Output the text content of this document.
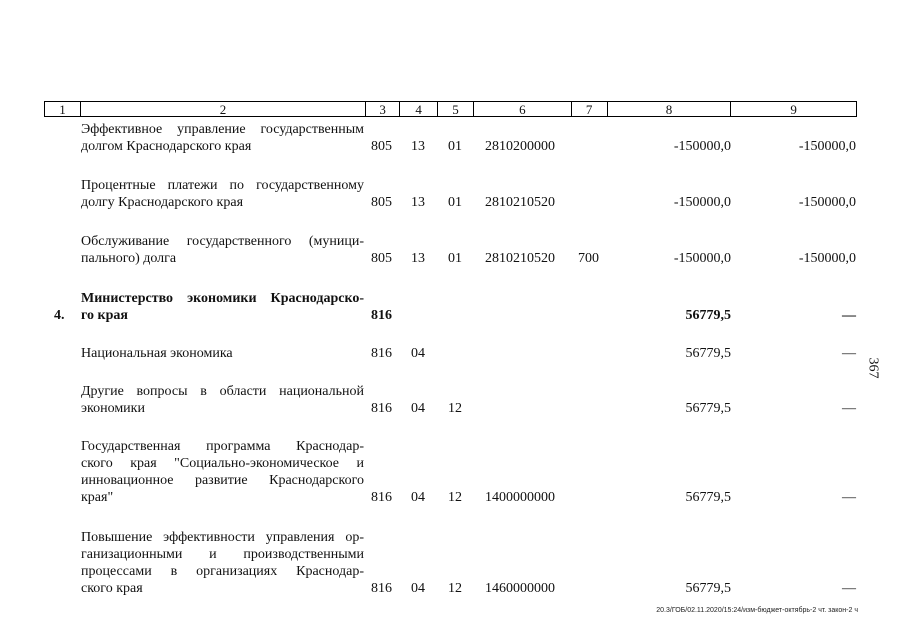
1	2	3	4	5	6	7	8	9
Эффективное управление государственным
долгом Краснодарского края	805 13 01 2810200000	-150000,0	-150000,0
Процентные платежи по государственному
долгу Краснодарского края	805 13 01 2810210520	-150000,0	-150000,0
Обслуживание государственного (муници-
пального) долга	805 13 01 2810210520 700	-150000,0	-150000,0
4.
Министерство экономики Краснодарско-
го края	816	56779,5	—
Национальная экономика	816 04	56779,5	—
Другие вопросы в области национальной
экономики	816 04 12	56779,5	—
Государственная программа Краснодар-
ского края "Социально-экономическое и
инновационное развитие Краснодарского
края"	816 04 12 1400000000	56779,5	—
Повышение эффективности управления ор-
ганизационными и производственными
процессами в организациях Краснодар-
ского края	816 04 12 1460000000	56779,5	—
367
20.3/ГОБ/02.11.2020/15:24/изм-бюджет-октябрь-2 чт. закон-2 ч
